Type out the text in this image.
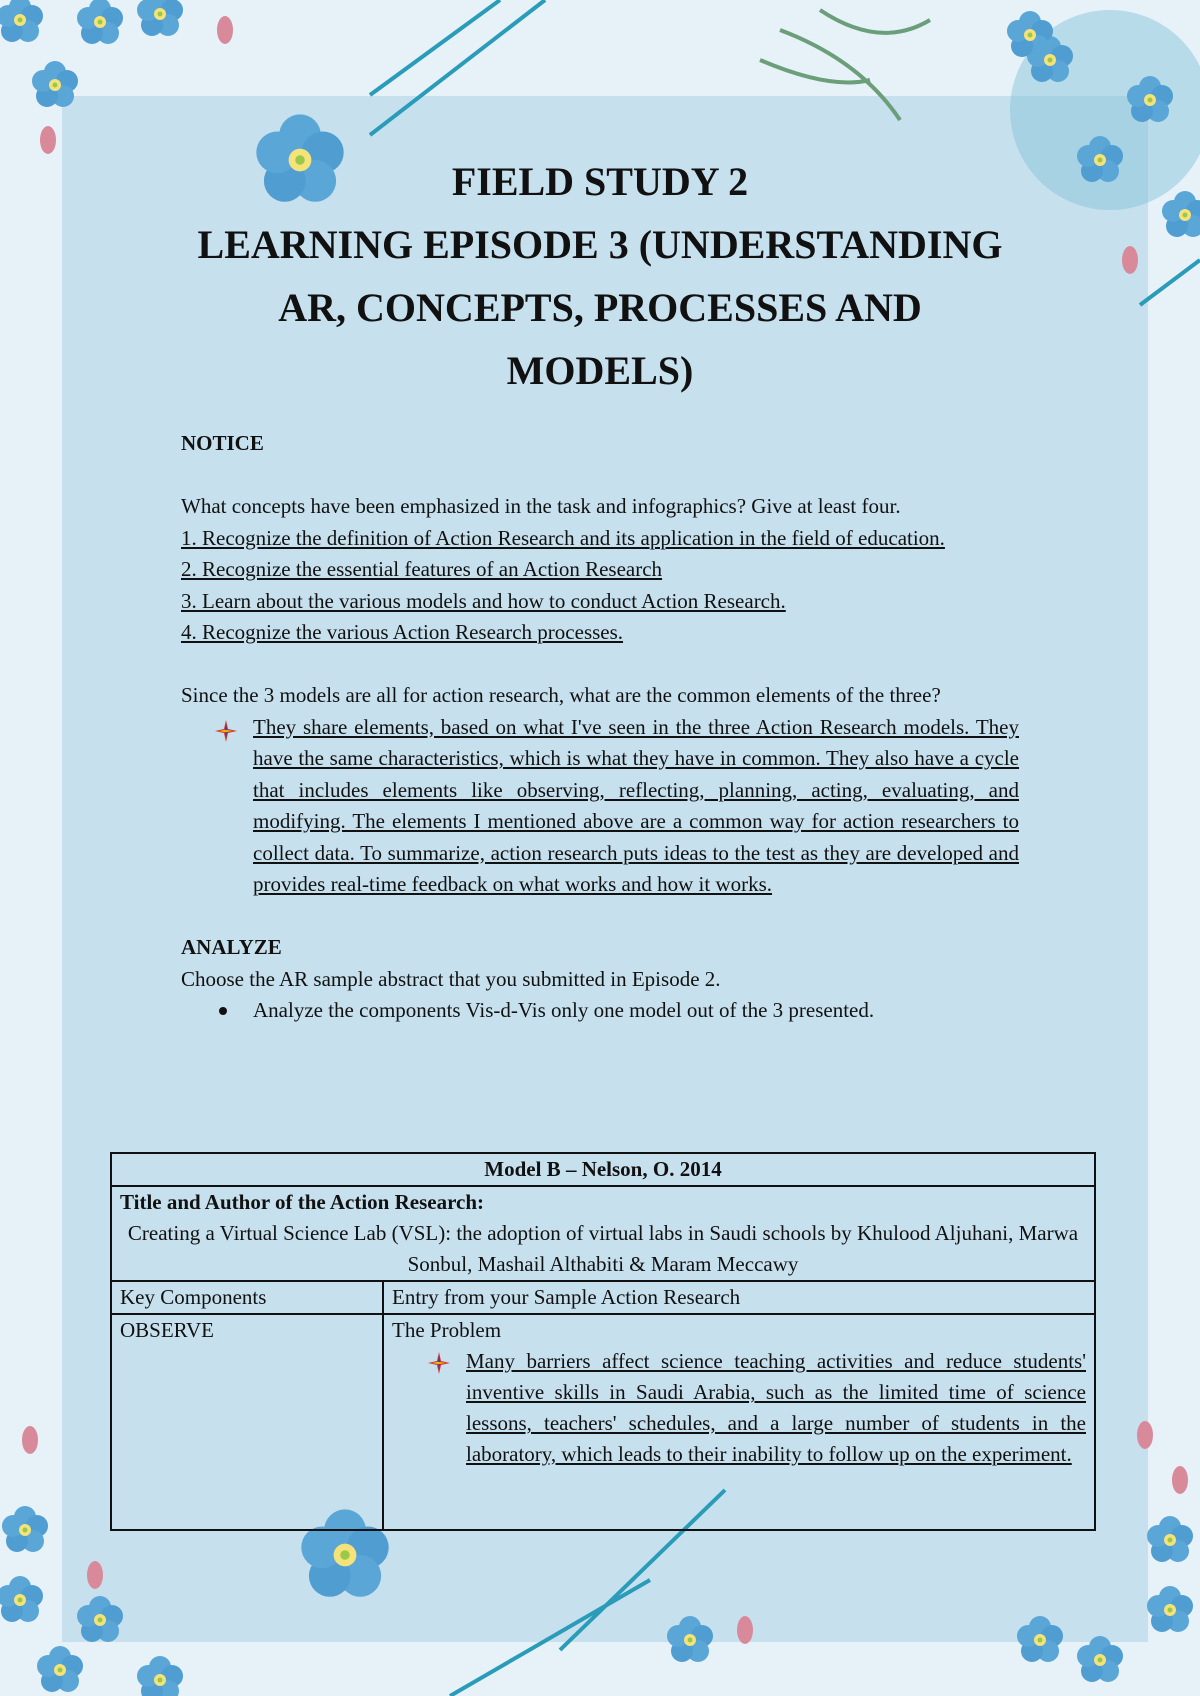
FIELD STUDY 2
LEARNING EPISODE 3 (UNDERSTANDING
AR, CONCEPTS, PROCESSES AND
MODELS)

NOTICE

What concepts have been emphasized in the task and infographics? Give at least four.

1. Recognize the definition of Action Research and its application in the field of education.

2. Recognize the essential features of an Action Research

3. Learn about the various models and how to conduct Action Research.

4. Recognize the various Action Research processes.

Since the 3 models are all for action research, what are the common elements of the three?

They share elements, based on what I've seen in the three Action Research models. They have the same characteristics, which is what they have in common. They also have a cycle that includes elements like observing, reflecting, planning, acting, evaluating, and modifying. The elements I mentioned above are a common way for action researchers to collect data. To summarize, action research puts ideas to the test as they are developed and provides real-time feedback on what works and how it works.

ANALYZE

Choose the AR sample abstract that you submitted in Episode 2.

Analyze the components Vis-d-Vis only one model out of the 3 presented.

Model B – Nelson, O. 2014	

Title and Author of the Action Research:
Creating a Virtual Science Lab (VSL): the adoption of virtual labs in Saudi schools by Khulood Aljuhani, Marwa Sonbul, Mashail Althabiti & Maram Meccawy	

Key Components	Entry from your Sample Action Research
OBSERVE	The Problem
Many barriers affect science teaching activities and reduce students' inventive skills in Saudi Arabia, such as the limited time of science lessons, teachers' schedules, and a large number of students in the laboratory, which leads to their inability to follow up on the experiment.
